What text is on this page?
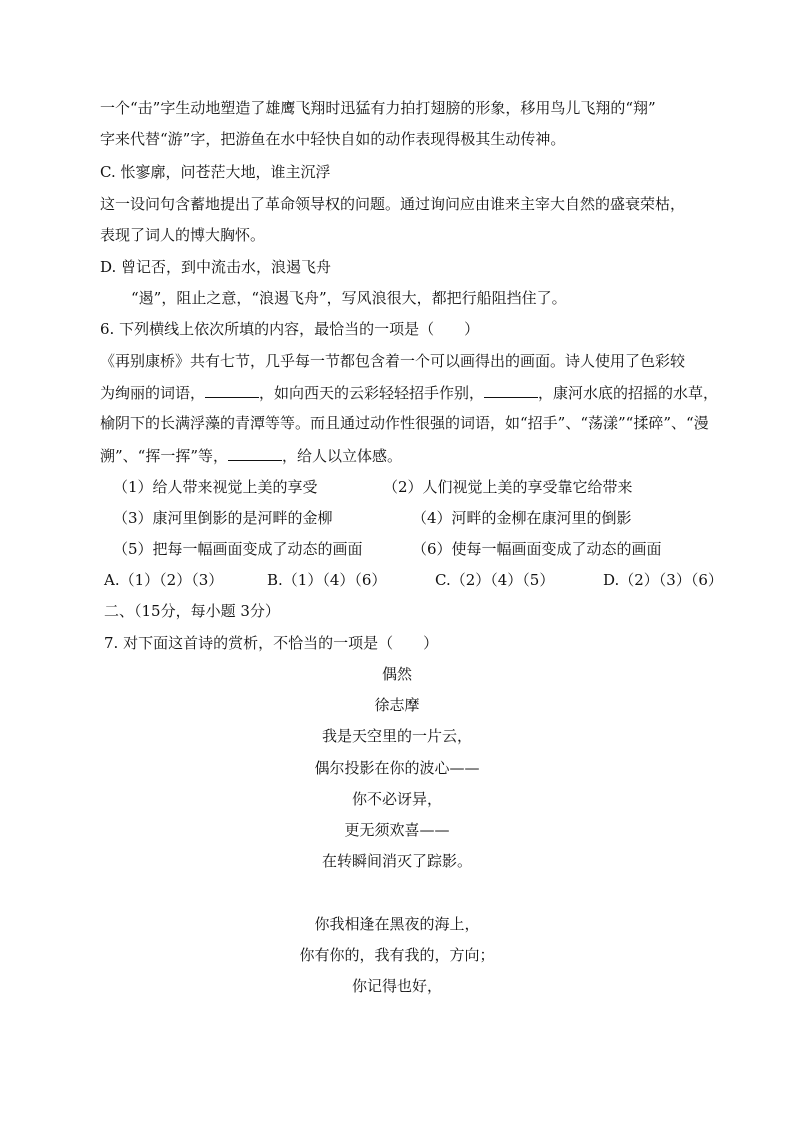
一个“击”字生动地塑造了雄鹰飞翔时迅猛有力拍打翅膀的形象，移用鸟儿飞翔的“翔”
字来代替“游”字，把游鱼在水中轻快自如的动作表现得极其生动传神。
C. 怅寥廓，问苍茫大地，谁主沉浮
这一设问句含蓄地提出了革命领导权的问题。通过询问应由谁来主宰大自然的盛衰荣枯，
表现了词人的博大胸怀。
D. 曾记否，到中流击水，浪遏飞舟
“遏”，阻止之意，“浪遏飞舟”，写风浪很大，都把行船阻挡住了。
6. 下列横线上依次所填的内容，最恰当的一项是（　　）
《再别康桥》共有七节，几乎每一节都包含着一个可以画得出的画面。诗人使用了色彩较
为绚丽的词语，	，如向西天的云彩轻轻招手作别，	，康河水底的招摇的水草，
榆阴下的长满浮藻的青潭等等。而且通过动作性很强的词语，如“招手”、“荡漾”“揉碎”、“漫
溯”、“挥一挥”等，	，给人以立体感。
（1）给人带来视觉上美的享受	（2）人们视觉上美的享受靠它给带来
（3）康河里倒影的是河畔的金柳	（4）河畔的金柳在康河里的倒影
（5）把每一幅画面变成了动态的画面	（6）使每一幅画面变成了动态的画面
A.（1）（2）（3）	B.（1）（4）（6）	C.（2）（4）（5）	D.（2）（3）（6）
二、（15分，每小题 3分）
7. 对下面这首诗的赏析，不恰当的一项是（　　）
偶然
徐志摩
我是天空里的一片云，
偶尔投影在你的波心——
你不必讶异，
更无须欢喜——
在转瞬间消灭了踪影。
你我相逢在黑夜的海上，
你有你的，我有我的，方向；
你记得也好，
